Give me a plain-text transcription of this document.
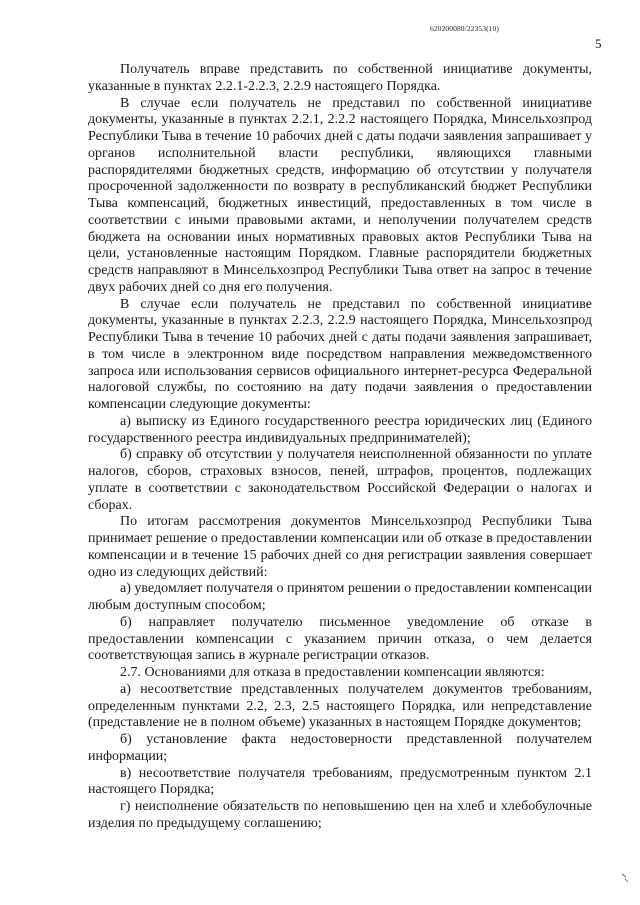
620200080/22353(10)
5

Получатель вправе представить по собственной инициативе документы, указанные в пунктах 2.2.1-2.2.3, 2.2.9 настоящего Порядка.

В случае если получатель не представил по собственной инициативе документы, указанные в пунктах 2.2.1, 2.2.2 настоящего Порядка, Минсельхозпрод Республики Тыва в течение 10 рабочих дней с даты подачи заявления запрашивает у органов исполнительной власти республики, являющихся главными распорядителями бюджетных средств, информацию об отсутствии у получателя просроченной задолженности по возврату в республиканский бюджет Республики Тыва компенсаций, бюджетных инвестиций, предоставленных в том числе в соответствии с иными правовыми актами, и неполучении получателем средств бюджета на основании иных нормативных правовых актов Республики Тыва на цели, установленные настоящим Порядком. Главные распорядители бюджетных средств направляют в Минсельхозпрод Республики Тыва ответ на запрос в течение двух рабочих дней со дня его получения.

В случае если получатель не представил по собственной инициативе документы, указанные в пунктах 2.2.3, 2.2.9 настоящего Порядка, Минсельхозпрод Республики Тыва в течение 10 рабочих дней с даты подачи заявления запрашивает, в том числе в электронном виде посредством направления межведомственного запроса или использования сервисов официального интернет-ресурса Федеральной налоговой службы, по состоянию на дату подачи заявления о предоставлении компенсации следующие документы:

а) выписку из Единого государственного реестра юридических лиц (Единого государственного реестра индивидуальных предпринимателей);

б) справку об отсутствии у получателя неисполненной обязанности по уплате налогов, сборов, страховых взносов, пеней, штрафов, процентов, подлежащих уплате в соответствии с законодательством Российской Федерации о налогах и сборах.

По итогам рассмотрения документов Минсельхозпрод Республики Тыва принимает решение о предоставлении компенсации или об отказе в предоставлении компенсации и в течение 15 рабочих дней со дня регистрации заявления совершает одно из следующих действий:

а) уведомляет получателя о принятом решении о предоставлении компенсации любым доступным способом;

б) направляет получателю письменное уведомление об отказе в предоставлении компенсации с указанием причин отказа, о чем делается соответствующая запись в журнале регистрации отказов.

2.7. Основаниями для отказа в предоставлении компенсации являются:

а) несоответствие представленных получателем документов требованиям, определенным пунктами 2.2, 2.3, 2.5 настоящего Порядка, или непредставление (представление не в полном объеме) указанных в настоящем Порядке документов;

б) установление факта недостоверности представленной получателем информации;

в) несоответствие получателя требованиям, предусмотренным пунктом 2.1 настоящего Порядка;

г) неисполнение обязательств по неповышению цен на хлеб и хлебобулочные изделия по предыдущему соглашению;
